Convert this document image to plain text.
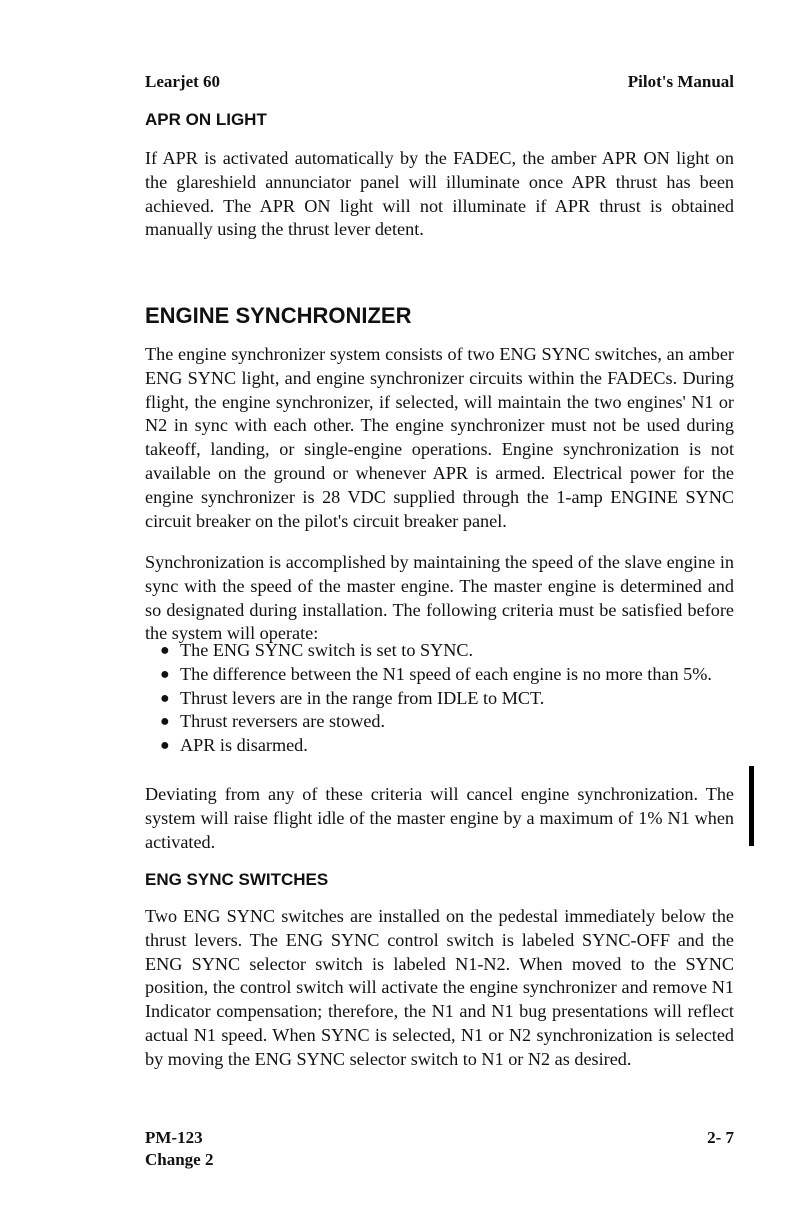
Learjet 60	Pilot's Manual
APR ON LIGHT

If APR is activated automatically by the FADEC, the amber APR ON light on the glareshield annunciator panel will illuminate once APR thrust has been achieved. The APR ON light will not illuminate if APR thrust is obtained manually using the thrust lever detent.

ENGINE SYNCHRONIZER

The engine synchronizer system consists of two ENG SYNC switches, an amber ENG SYNC light, and engine synchronizer circuits within the FADECs. During flight, the engine synchronizer, if selected, will maintain the two engines' N1 or N2 in sync with each other. The engine synchronizer must not be used during takeoff, landing, or single-engine operations. Engine synchronization is not available on the ground or whenever APR is armed. Electrical power for the engine synchronizer is 28 VDC supplied through the 1-amp ENGINE SYNC circuit breaker on the pilot's circuit breaker panel.

Synchronization is accomplished by maintaining the speed of the slave engine in sync with the speed of the master engine. The master engine is determined and so designated during installation. The following criteria must be satisfied before the system will operate:

● The ENG SYNC switch is set to SYNC.
● The difference between the N1 speed of each engine is no more than 5%.
● Thrust levers are in the range from IDLE to MCT.
● Thrust reversers are stowed.
● APR is disarmed.

Deviating from any of these criteria will cancel engine synchronization. The system will raise flight idle of the master engine by a maximum of 1% N1 when activated.

ENG SYNC SWITCHES

Two ENG SYNC switches are installed on the pedestal immediately below the thrust levers. The ENG SYNC control switch is labeled SYNC-OFF and the ENG SYNC selector switch is labeled N1-N2. When moved to the SYNC position, the control switch will activate the engine synchronizer and remove N1 Indicator compensation; therefore, the N1 and N1 bug presentations will reflect actual N1 speed. When SYNC is selected, N1 or N2 synchronization is selected by moving the ENG SYNC selector switch to N1 or N2 as desired.

PM-123
Change 2
2- 7
